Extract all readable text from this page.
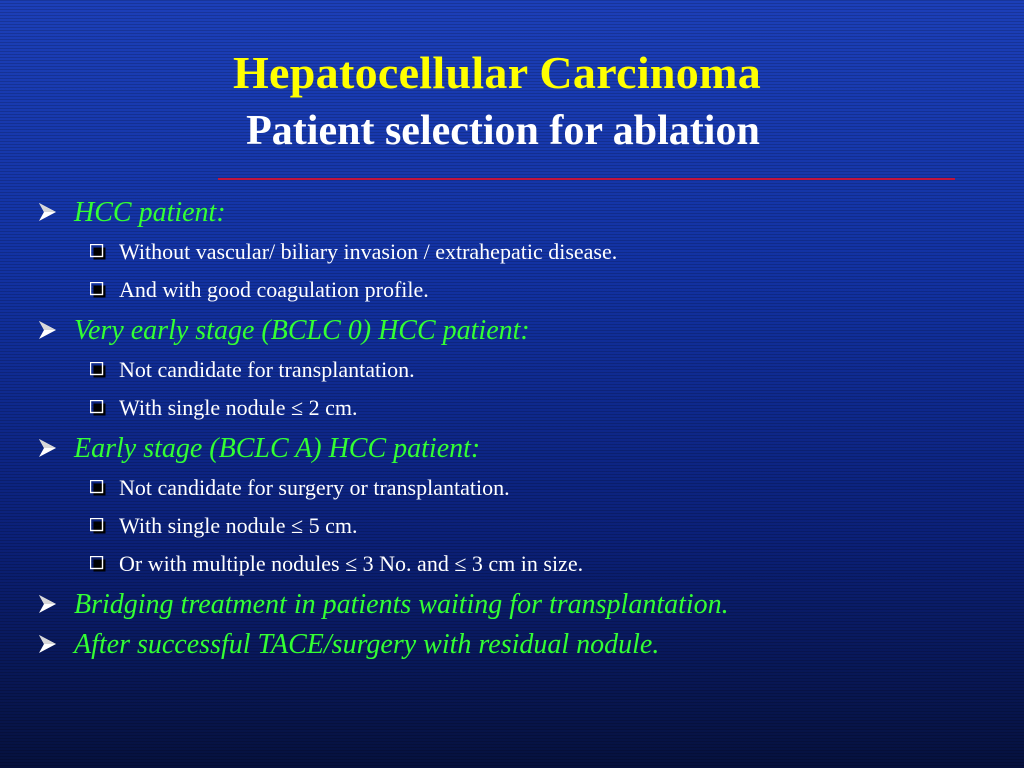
Hepatocellular Carcinoma
Patient selection for ablation
HCC patient:
Without vascular/ biliary invasion / extrahepatic disease.
And with good coagulation profile.
Very early stage (BCLC 0) HCC patient:
Not candidate for transplantation.
With single nodule ≤ 2 cm.
Early stage (BCLC A) HCC patient:
Not candidate for surgery or transplantation.
With single nodule ≤ 5 cm.
Or with multiple nodules ≤ 3 No. and ≤ 3 cm in size.
Bridging treatment in patients waiting for transplantation.
After successful TACE/surgery with residual nodule.
